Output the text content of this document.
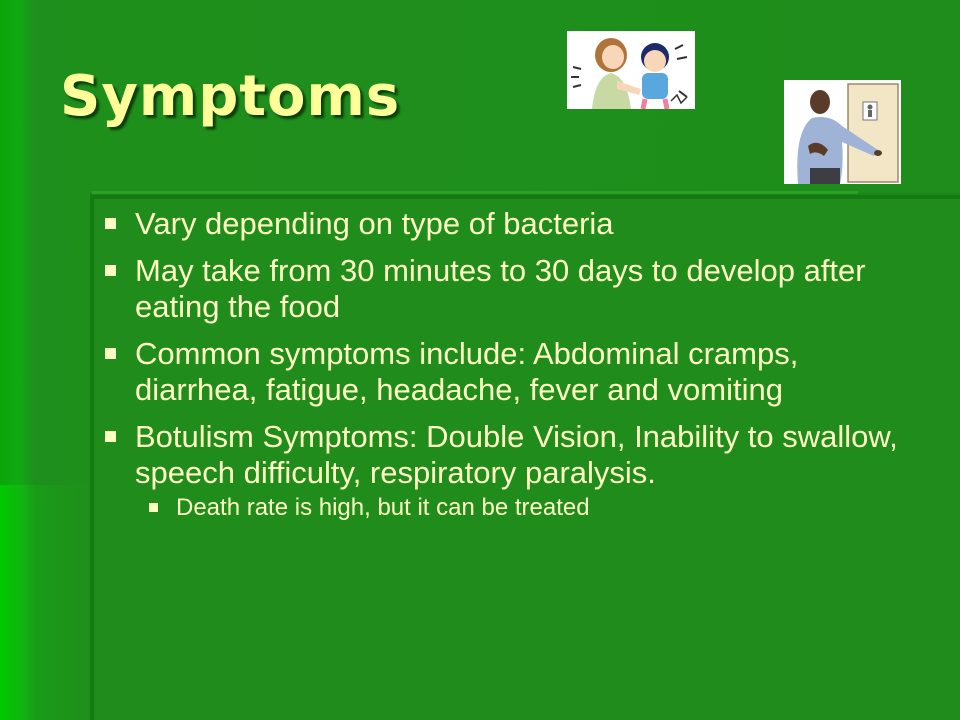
Symptoms
Vary depending on type of bacteria
May take from 30 minutes to 30 days to develop after eating the food
Common symptoms include: Abdominal cramps, diarrhea, fatigue, headache, fever and vomiting
Botulism Symptoms: Double Vision, Inability to swallow, speech difficulty, respiratory paralysis.
Death rate is high, but it can be treated
